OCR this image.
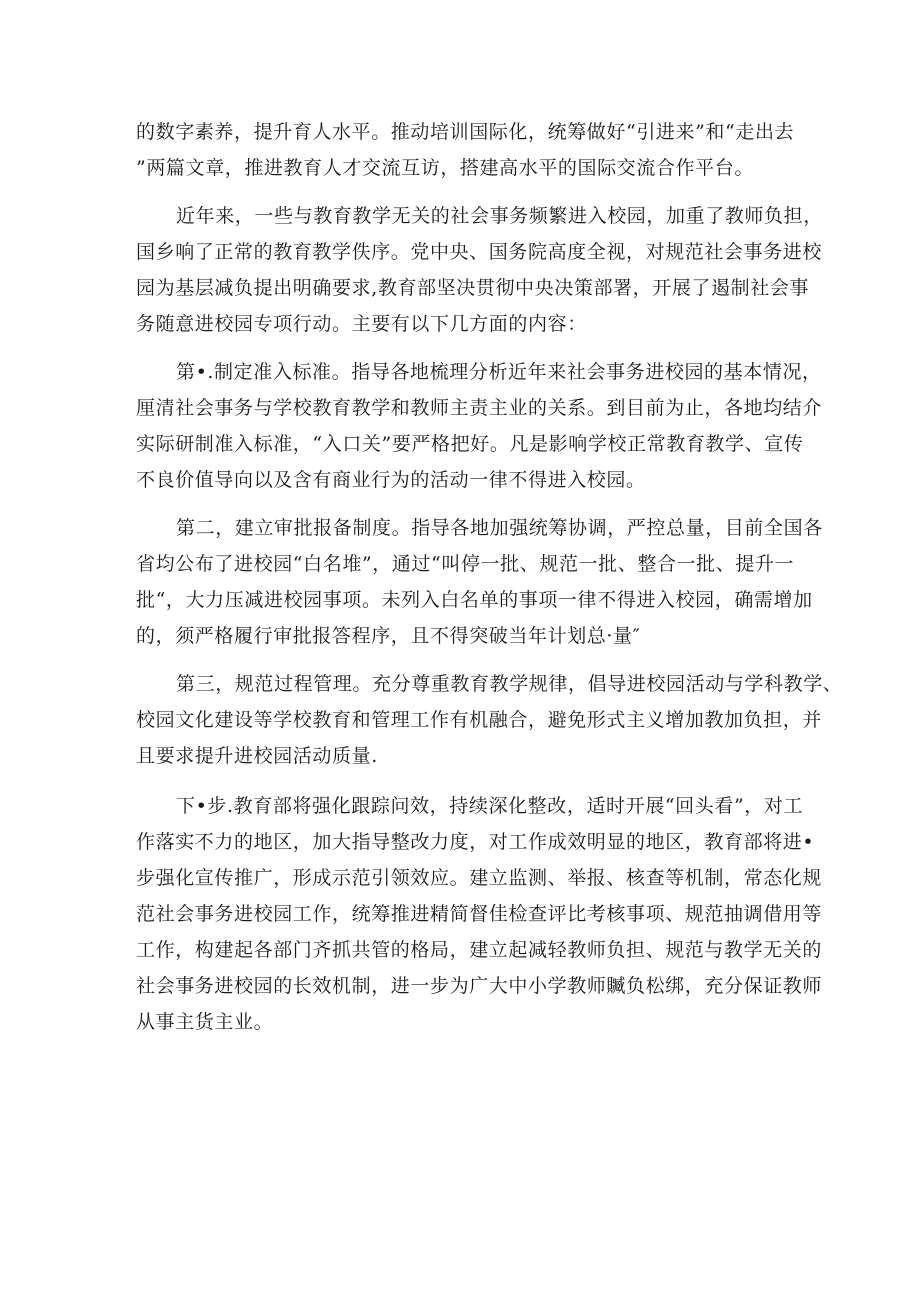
的数字素养，提升育人水平。推动培训国际化，统筹做好“引进来”和“走出去
”两篇文章，推进教育人才交流互访，搭建高水平的国际交流合作平台。
近年来，一些与教育教学无关的社会事务频繁进入校园，加重了教师负担，
国乡响了正常的教育教学佚序。党中央、国务院高度全视，对规范社会事务进校
园为基层减负提出明确要求,教育部坚决贯彻中央决策部署，开展了遏制社会事
务随意进校园专项行动。主要有以下几方面的内容：
第•.制定准入标准。指导各地梳理分析近年来社会事务进校园的基本情况，
厘清社会事务与学校教育教学和教师主责主业的关系。到目前为止，各地均结介
实际研制准入标准，“入口关”要严格把好。凡是影响学校正常教育教学、宣传
不良价值导向以及含有商业行为的活动一律不得进入校园。
第二，建立审批报备制度。指导各地加强统筹协调，严控总量，目前全国各
省均公布了进校园“白名堆”，通过“叫停一批、规范一批、整合一批、提升一
批“，大力压减进校园事项。未列入白名单的事项一律不得进入校园，确需增加
的，须严格履行审批报答程序，且不得突破当年计划总·量″
第三，规范过程管理。充分尊重教育教学规律，倡导进校园活动与学科教学、
校园文化建设等学校教育和管理工作有机融合，避免形式主义增加教加负担，并
且要求提升进校园活动质量.
下•步.教育部将强化跟踪问效，持续深化整改，适时开展“回头看”，对工
作落实不力的地区，加大指导整改力度，对工作成效明显的地区，教育部将进•
步强化宣传推广，形成示范引领效应。建立监测、举报、核查等机制，常态化规
范社会事务进校园工作，统筹推进精简督佳检查评比考核事项、规范抽调借用等
工作，构建起各部门齐抓共管的格局，建立起减轻教师负担、规范与教学无关的
社会事务进校园的长效机制，进一步为广大中小学教师贓负松绑，充分保证教师
从事主货主业。
